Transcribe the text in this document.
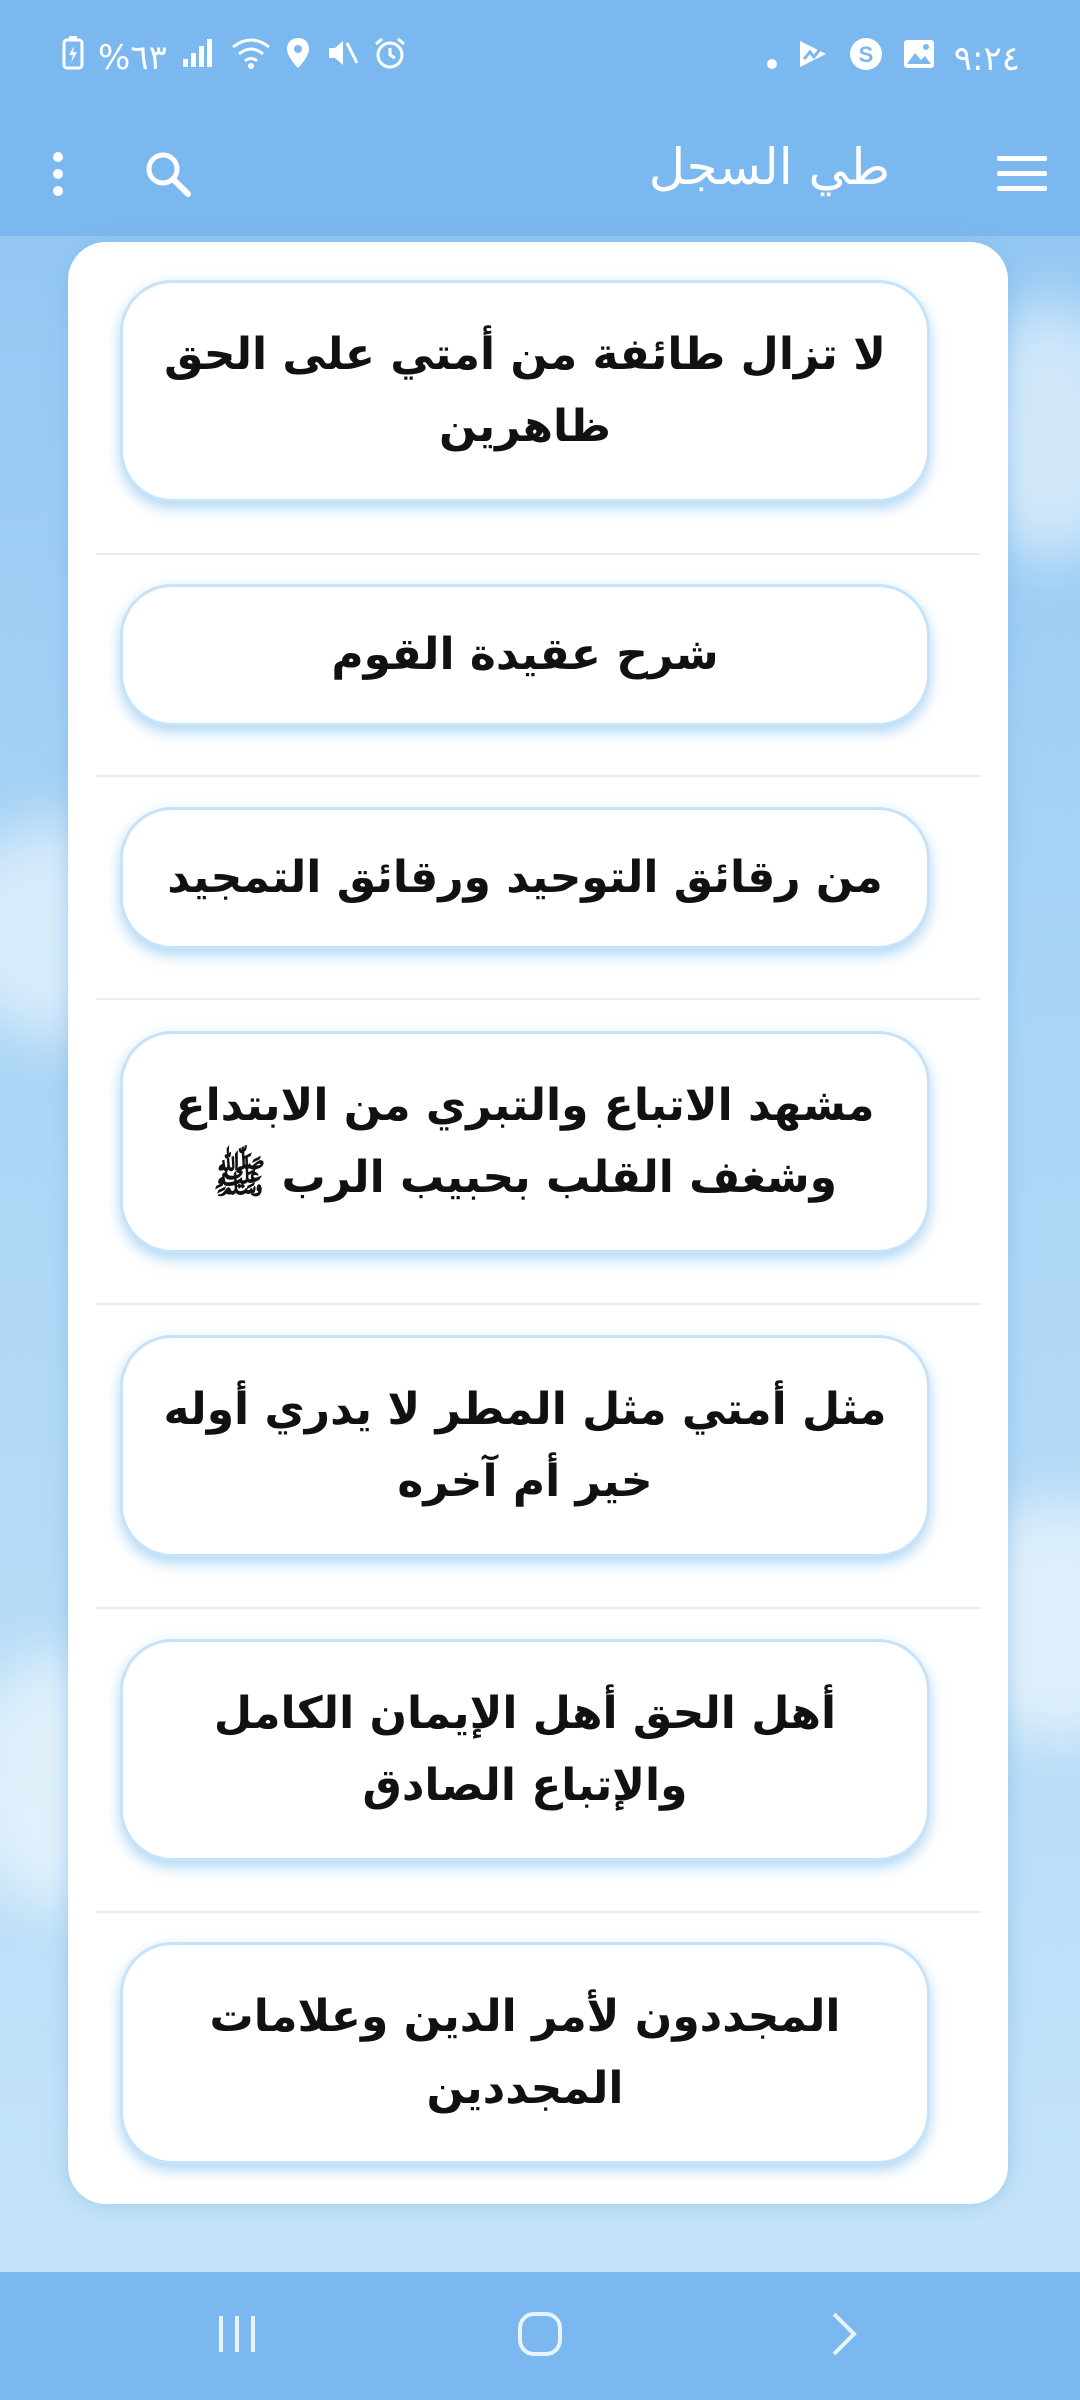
%٦٣	S ٩:٢٤
طي السجل
لا تزال طائفة من أمتي على الحق ظاهرين
شرح عقيدة القوم
من رقائق التوحيد ورقائق التمجيد
مشهد الاتباع والتبري من الابتداع وشغف القلب بحبيب الرب ﷺ
مثل أمتي مثل المطر لا يدري أوله خير أم آخره
أهل الحق أهل الإيمان الكامل والإتباع الصادق
المجددون لأمر الدين وعلامات المجددين
